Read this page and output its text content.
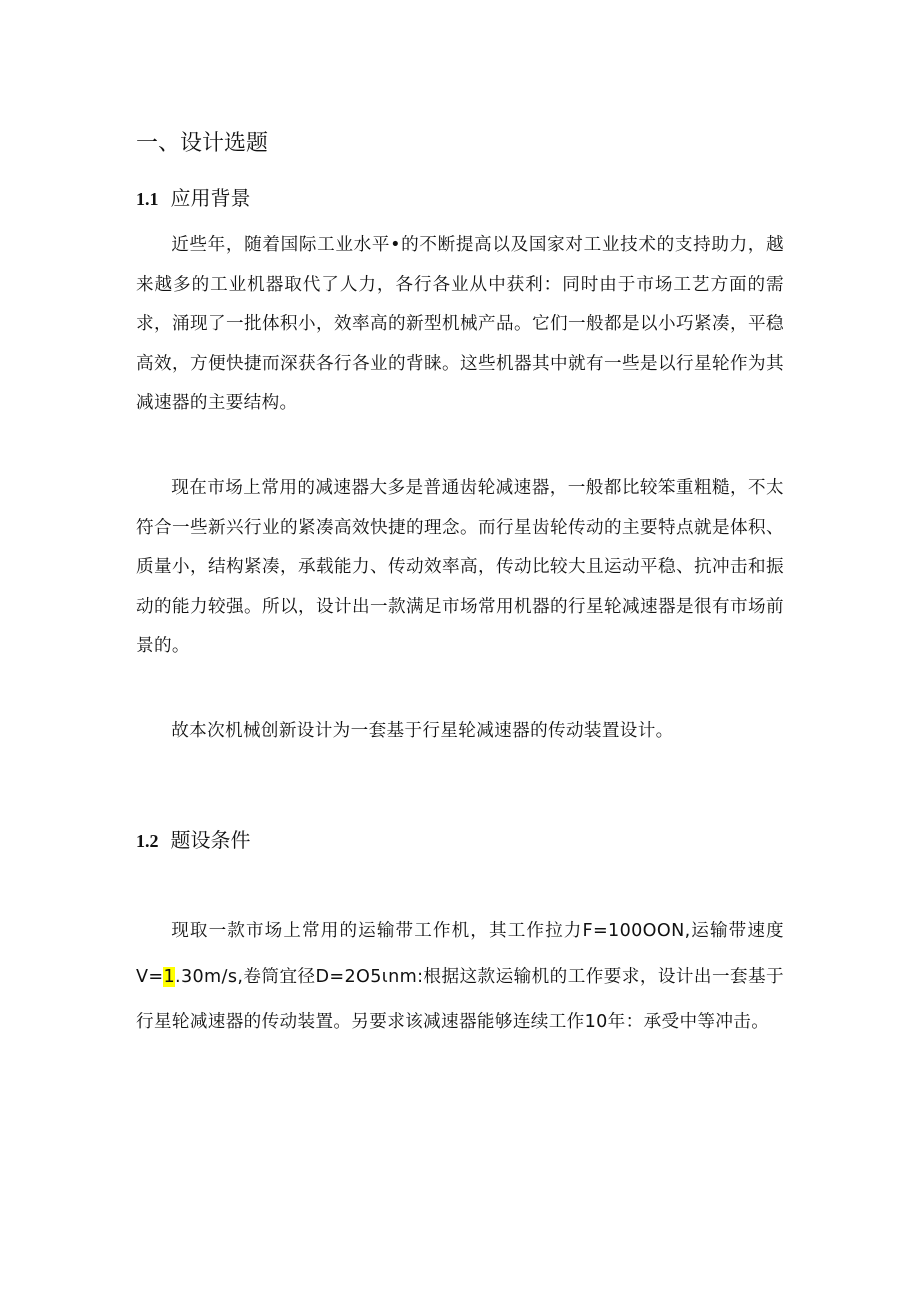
一、设计选题
1.1 应用背景

近些年，随着国际工业水平•的不断提高以及国家对工业技术的支持助力，越来越多的工业机器取代了人力，各行各业从中获利：同时由于市场工艺方面的需求，涌现了一批体积小，效率高的新型机械产品。它们一般都是以小巧紧凑，平稳高效，方便快捷而深获各行各业的背睐。这些机器其中就有一些是以行星轮作为其减速器的主要结构。

现在市场上常用的减速器大多是普通齿轮减速器，一般都比较笨重粗糙，不太符合一些新兴行业的紧凑高效快捷的理念。而行星齿轮传动的主要特点就是体积、质量小，结构紧凑，承载能力、传动效率高，传动比较大且运动平稳、抗冲击和振动的能力较强。所以，设计出一款满足市场常用机器的行星轮减速器是很有市场前景的。

故本次机械创新设计为一套基于行星轮减速器的传动装置设计。

1.2 题设条件

现取一款市场上常用的运输带工作机，其工作拉力F=100OON,运输带速度V=1.30m∕s,卷筒宜径D=2O5ιnm:根据这款运输机的工作要求，设计出一套基于行星轮减速器的传动装置。另要求该减速器能够连续工作10年：承受中等冲击。
